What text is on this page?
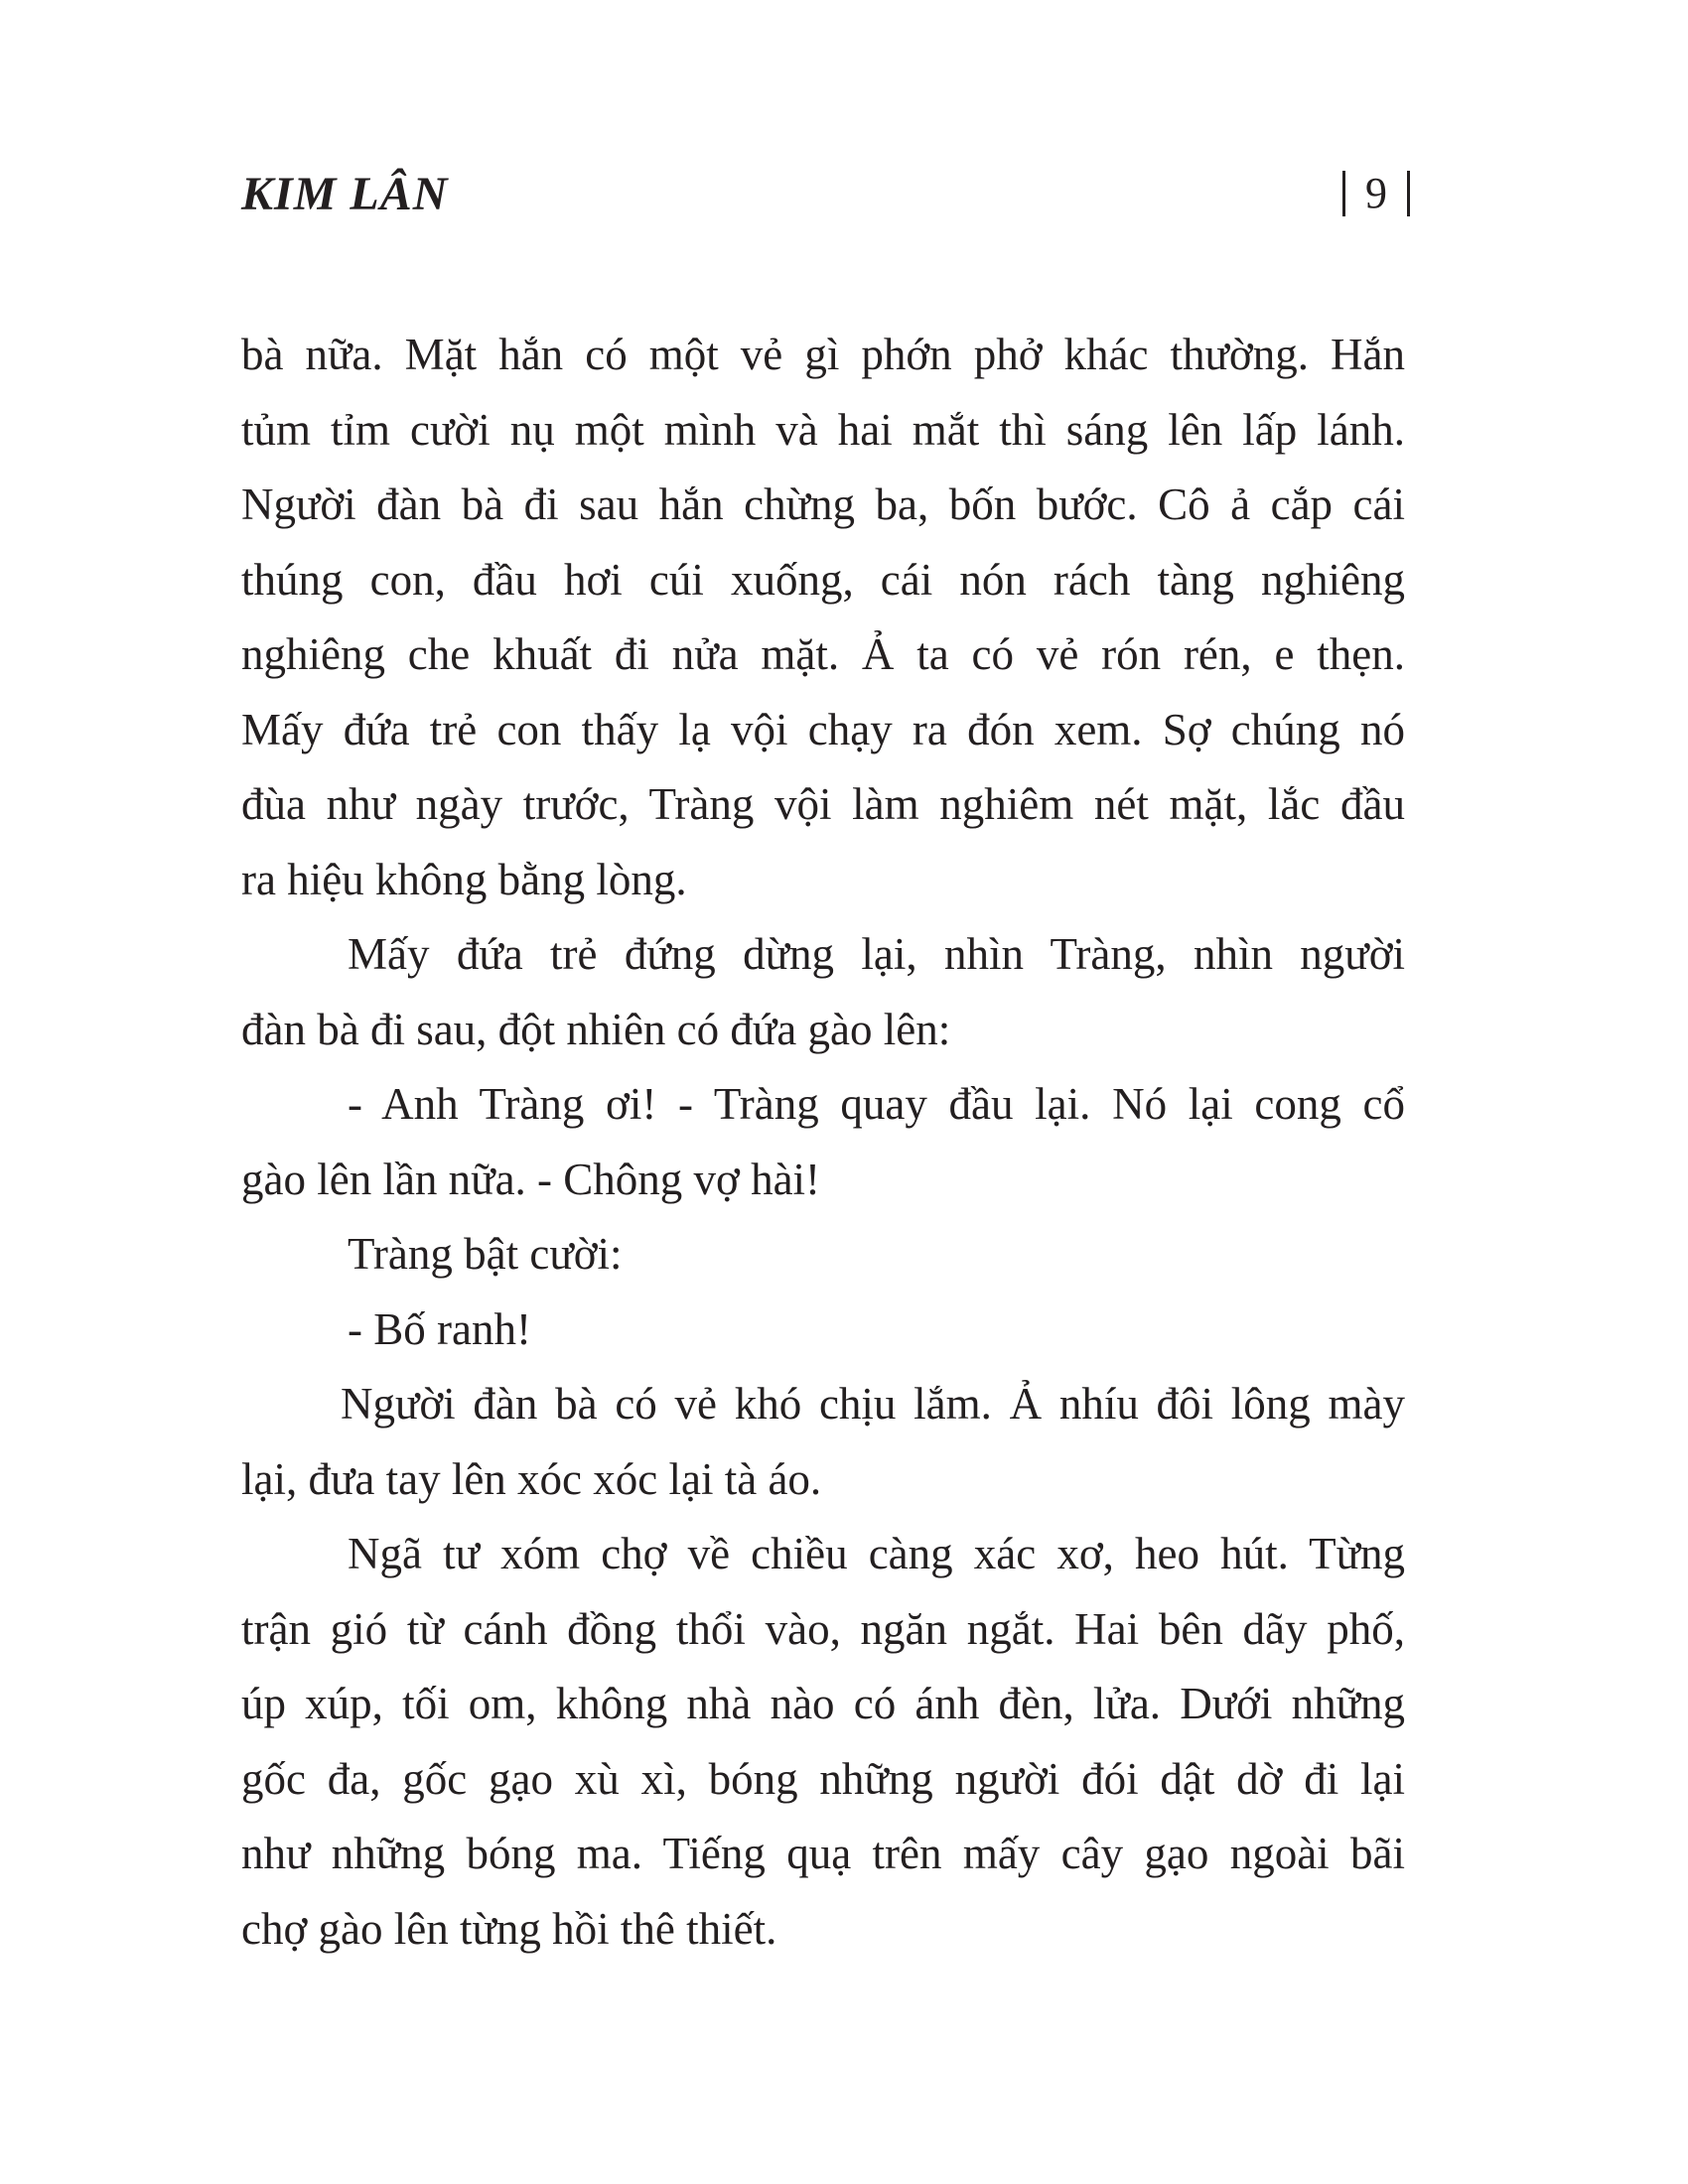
KIM LÂN	9
bà nữa. Mặt hắn có một vẻ gì phớn phở khác thường. Hắn
tủm tỉm cười nụ một mình và hai mắt thì sáng lên lấp lánh.
Người đàn bà đi sau hắn chừng ba, bốn bước. Cô ả cắp cái
thúng con, đầu hơi cúi xuống, cái nón rách tàng nghiêng
nghiêng che khuất đi nửa mặt. Ả ta có vẻ rón rén, e thẹn.
Mấy đứa trẻ con thấy lạ vội chạy ra đón xem. Sợ chúng nó
đùa như ngày trước, Tràng vội làm nghiêm nét mặt, lắc đầu
ra hiệu không bằng lòng.
Mấy đứa trẻ đứng dừng lại, nhìn Tràng, nhìn người
đàn bà đi sau, đột nhiên có đứa gào lên:
- Anh Tràng ơi! - Tràng quay đầu lại. Nó lại cong cổ
gào lên lần nữa. - Chông vợ hài!
Tràng bật cười:
- Bố ranh!
Người đàn bà có vẻ khó chịu lắm. Ả nhíu đôi lông mày
lại, đưa tay lên xóc xóc lại tà áo.
Ngã tư xóm chợ về chiều càng xác xơ, heo hút. Từng
trận gió từ cánh đồng thổi vào, ngăn ngắt. Hai bên dãy phố,
úp xúp, tối om, không nhà nào có ánh đèn, lửa. Dưới những
gốc đa, gốc gạo xù xì, bóng những người đói dật dờ đi lại
như những bóng ma. Tiếng quạ trên mấy cây gạo ngoài bãi
chợ gào lên từng hồi thê thiết.
